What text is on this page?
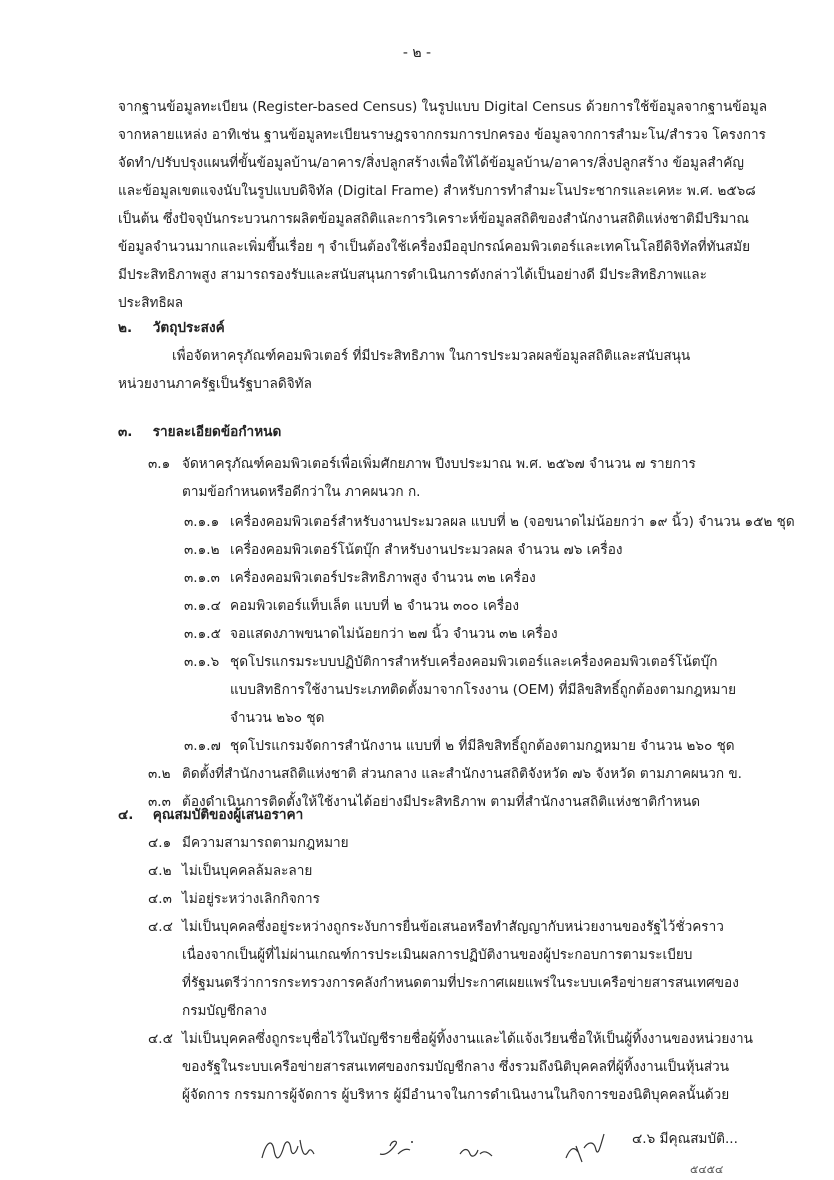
- ๒ -
จากฐานข้อมูลทะเบียน (Register-based Census) ในรูปแบบ Digital Census ด้วยการใช้ข้อมูลจากฐานข้อมูล
จากหลายแหล่ง อาทิเช่น ฐานข้อมูลทะเบียนราษฎรจากกรมการปกครอง ข้อมูลจากการสำมะโน/สำรวจ โครงการ
จัดทำ/ปรับปรุงแผนที่ขั้นข้อมูลบ้าน/อาคาร/สิ่งปลูกสร้างเพื่อให้ได้ข้อมูลบ้าน/อาคาร/สิ่งปลูกสร้าง ข้อมูลสำคัญ
และข้อมูลเขตแจงนับในรูปแบบดิจิทัล (Digital Frame) สำหรับการทำสำมะโนประชากรและเคหะ พ.ศ. ๒๕๖๘
เป็นต้น ซึ่งปัจจุบันกระบวนการผลิตข้อมูลสถิติและการวิเคราะห์ข้อมูลสถิติของสำนักงานสถิติแห่งชาติมีปริมาณ
ข้อมูลจำนวนมากและเพิ่มขึ้นเรื่อย ๆ จำเป็นต้องใช้เครื่องมืออุปกรณ์คอมพิวเตอร์และเทคโนโลยีดิจิทัลที่ทันสมัย
มีประสิทธิภาพสูง สามารถรองรับและสนับสนุนการดำเนินการดังกล่าวได้เป็นอย่างดี มีประสิทธิภาพและ
ประสิทธิผล
๒. วัตถุประสงค์
เพื่อจัดหาครุภัณฑ์คอมพิวเตอร์ ที่มีประสิทธิภาพ ในการประมวลผลข้อมูลสถิติและสนับสนุน
หน่วยงานภาครัฐเป็นรัฐบาลดิจิทัล
๓. รายละเอียดข้อกำหนด
๓.๑ จัดหาครุภัณฑ์คอมพิวเตอร์เพื่อเพิ่มศักยภาพ ปีงบประมาณ พ.ศ. ๒๕๖๗ จำนวน ๗ รายการ
ตามข้อกำหนดหรือดีกว่าใน ภาคผนวก ก.
๓.๑.๑ เครื่องคอมพิวเตอร์สำหรับงานประมวลผล แบบที่ ๒ (จอขนาดไม่น้อยกว่า ๑๙ นิ้ว) จำนวน ๑๕๒ ชุด
๓.๑.๒ เครื่องคอมพิวเตอร์โน้ตบุ๊ก สำหรับงานประมวลผล จำนวน ๗๖ เครื่อง
๓.๑.๓ เครื่องคอมพิวเตอร์ประสิทธิภาพสูง จำนวน ๓๒ เครื่อง
๓.๑.๔ คอมพิวเตอร์แท็บเล็ต แบบที่ ๒ จำนวน ๓๐๐ เครื่อง
๓.๑.๕ จอแสดงภาพขนาดไม่น้อยกว่า ๒๗ นิ้ว จำนวน ๓๒ เครื่อง
๓.๑.๖ ชุดโปรแกรมระบบปฏิบัติการสำหรับเครื่องคอมพิวเตอร์และเครื่องคอมพิวเตอร์โน้ตบุ๊ก
แบบสิทธิการใช้งานประเภทติดตั้งมาจากโรงงาน (OEM) ที่มีลิขสิทธิ์ถูกต้องตามกฎหมาย
จำนวน ๒๖๐ ชุด
๓.๑.๗ ชุดโปรแกรมจัดการสำนักงาน แบบที่ ๒ ที่มีลิขสิทธิ์ถูกต้องตามกฎหมาย จำนวน ๒๖๐ ชุด
๓.๒ ติดตั้งที่สำนักงานสถิติแห่งชาติ ส่วนกลาง และสำนักงานสถิติจังหวัด ๗๖ จังหวัด ตามภาคผนวก ข.
๓.๓ ต้องดำเนินการติดตั้งให้ใช้งานได้อย่างมีประสิทธิภาพ ตามที่สำนักงานสถิติแห่งชาติกำหนด
๔. คุณสมบัติของผู้เสนอราคา
๔.๑ มีความสามารถตามกฎหมาย
๔.๒ ไม่เป็นบุคคลล้มละลาย
๔.๓ ไม่อยู่ระหว่างเลิกกิจการ
๔.๔ ไม่เป็นบุคคลซึ่งอยู่ระหว่างถูกระงับการยื่นข้อเสนอหรือทำสัญญากับหน่วยงานของรัฐไว้ชั่วคราว
เนื่องจากเป็นผู้ที่ไม่ผ่านเกณฑ์การประเมินผลการปฏิบัติงานของผู้ประกอบการตามระเบียบ
ที่รัฐมนตรีว่าการกระทรวงการคลังกำหนดตามที่ประกาศเผยแพร่ในระบบเครือข่ายสารสนเทศของ
กรมบัญชีกลาง
๔.๕ ไม่เป็นบุคคลซึ่งถูกระบุชื่อไว้ในบัญชีรายชื่อผู้ทิ้งงานและได้แจ้งเวียนชื่อให้เป็นผู้ทิ้งงานของหน่วยงาน
ของรัฐในระบบเครือข่ายสารสนเทศของกรมบัญชีกลาง ซึ่งรวมถึงนิติบุคคลที่ผู้ทิ้งงานเป็นหุ้นส่วน
ผู้จัดการ กรรมการผู้จัดการ ผู้บริหาร ผู้มีอำนาจในการดำเนินงานในกิจการของนิติบุคคลนั้นด้วย
๔.๖ มีคุณสมบัติ...
๕๔๕๔
